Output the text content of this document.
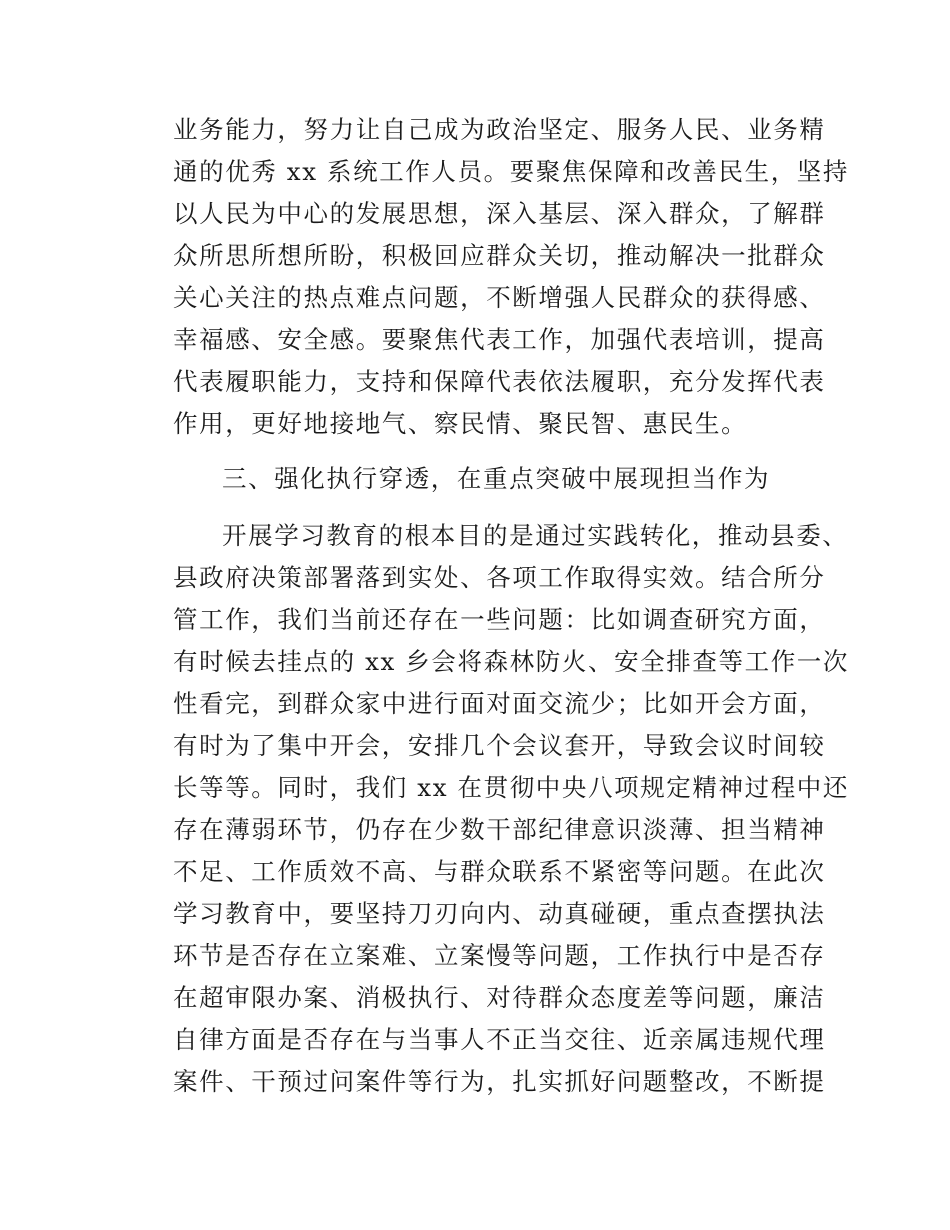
业务能力，努力让自己成为政治坚定、服务人民、业务精
通的优秀 xx 系统工作人员。要聚焦保障和改善民生，坚持
以人民为中心的发展思想，深入基层、深入群众，了解群
众所思所想所盼，积极回应群众关切，推动解决一批群众
关心关注的热点难点问题，不断增强人民群众的获得感、
幸福感、安全感。要聚焦代表工作，加强代表培训，提高
代表履职能力，支持和保障代表依法履职，充分发挥代表
作用，更好地接地气、察民情、聚民智、惠民生。
三、强化执行穿透，在重点突破中展现担当作为
开展学习教育的根本目的是通过实践转化，推动县委、
县政府决策部署落到实处、各项工作取得实效。结合所分
管工作，我们当前还存在一些问题：比如调查研究方面，
有时候去挂点的 xx 乡会将森林防火、安全排查等工作一次
性看完，到群众家中进行面对面交流少；比如开会方面，
有时为了集中开会，安排几个会议套开，导致会议时间较
长等等。同时，我们 xx 在贯彻中央八项规定精神过程中还
存在薄弱环节，仍存在少数干部纪律意识淡薄、担当精神
不足、工作质效不高、与群众联系不紧密等问题。在此次
学习教育中，要坚持刀刃向内、动真碰硬，重点查摆执法
环节是否存在立案难、立案慢等问题，工作执行中是否存
在超审限办案、消极执行、对待群众态度差等问题，廉洁
自律方面是否存在与当事人不正当交往、近亲属违规代理
案件、干预过问案件等行为，扎实抓好问题整改，不断提
